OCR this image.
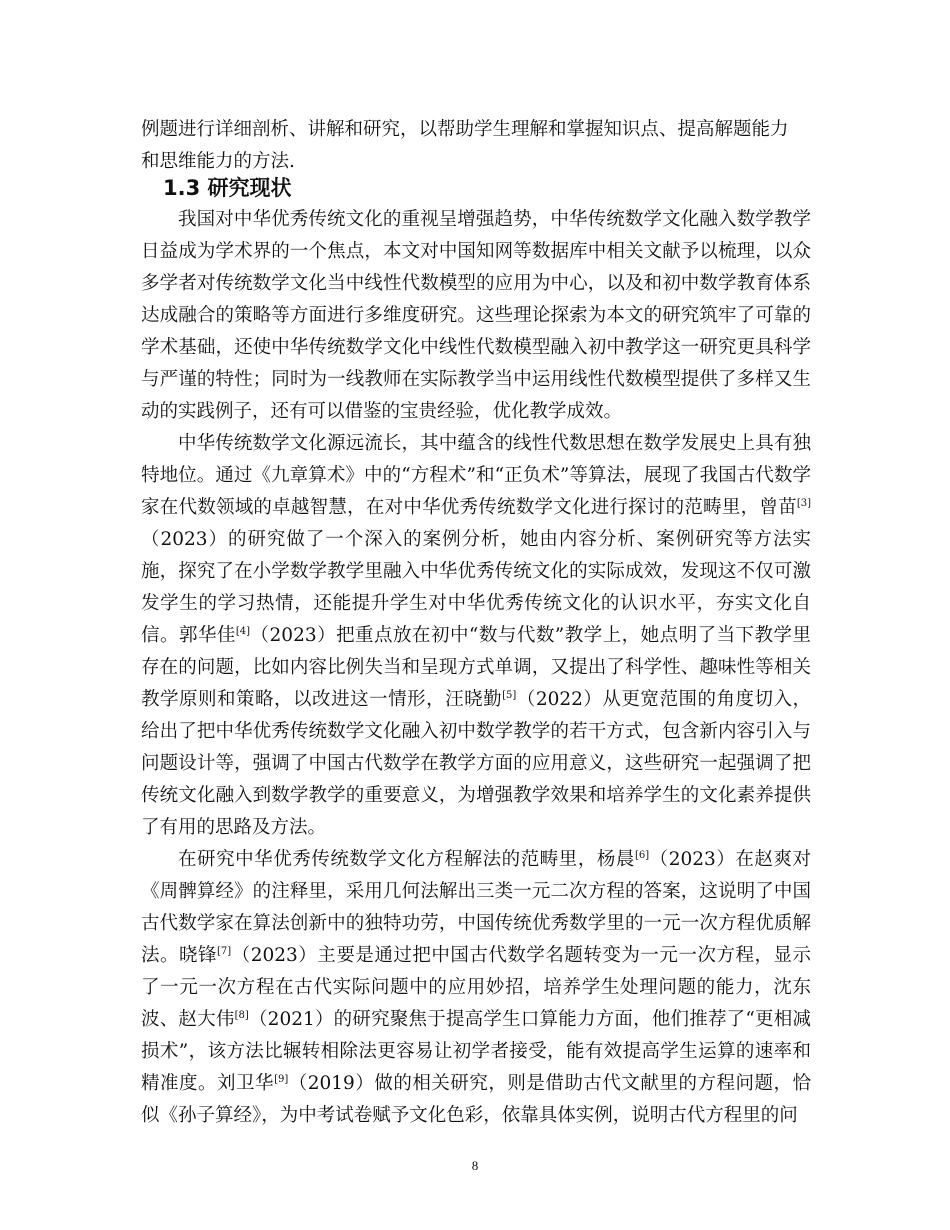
例题进行详细剖析、讲解和研究，以帮助学生理解和掌握知识点、提高解题能力

和思维能力的方法.

1.3 研究现状

我国对中华优秀传统文化的重视呈增强趋势，中华传统数学文化融入数学教学日益成为学术界的一个焦点，本文对中国知网等数据库中相关文献予以梳理，以众多学者对传统数学文化当中线性代数模型的应用为中心，以及和初中数学教育体系达成融合的策略等方面进行多维度研究。这些理论探索为本文的研究筑牢了可靠的学术基础，还使中华传统数学文化中线性代数模型融入初中教学这一研究更具科学与严谨的特性；同时为一线教师在实际教学当中运用线性代数模型提供了多样又生动的实践例子，还有可以借鉴的宝贵经验，优化教学成效。

中华传统数学文化源远流长，其中蕴含的线性代数思想在数学发展史上具有独特地位。通过《九章算术》中的“方程术”和“正负术”等算法，展现了我国古代数学家在代数领域的卓越智慧，在对中华优秀传统数学文化进行探讨的范畴里，曾苗[3]（2023）的研究做了一个深入的案例分析，她由内容分析、案例研究等方法实施，探究了在小学数学教学里融入中华优秀传统文化的实际成效，发现这不仅可激发学生的学习热情，还能提升学生对中华优秀传统文化的认识水平，夯实文化自信。郭华佳[4]（2023）把重点放在初中“数与代数”教学上，她点明了当下教学里存在的问题，比如内容比例失当和呈现方式单调，又提出了科学性、趣味性等相关教学原则和策略，以改进这一情形，汪晓勤[5]（2022）从更宽范围的角度切入，给出了把中华优秀传统数学文化融入初中数学教学的若干方式，包含新内容引入与问题设计等，强调了中国古代数学在教学方面的应用意义，这些研究一起强调了把传统文化融入到数学教学的重要意义，为增强教学效果和培养学生的文化素养提供了有用的思路及方法。

在研究中华优秀传统数学文化方程解法的范畴里，杨晨[6]（2023）在赵爽对《周髀算经》的注释里，采用几何法解出三类一元二次方程的答案，这说明了中国古代数学家在算法创新中的独特功劳，中国传统优秀数学里的一元一次方程优质解法。晓锋[7]（2023）主要是通过把中国古代数学名题转变为一元一次方程，显示了一元一次方程在古代实际问题中的应用妙招，培养学生处理问题的能力，沈东波、赵大伟[8]（2021）的研究聚焦于提高学生口算能力方面，他们推荐了“更相减损术”，该方法比辗转相除法更容易让初学者接受，能有效提高学生运算的速率和精准度。刘卫华[9]（2019）做的相关研究，则是借助古代文献里的方程问题，恰似《孙子算经》，为中考试卷赋予文化色彩，依靠具体实例，说明古代方程里的问

8
